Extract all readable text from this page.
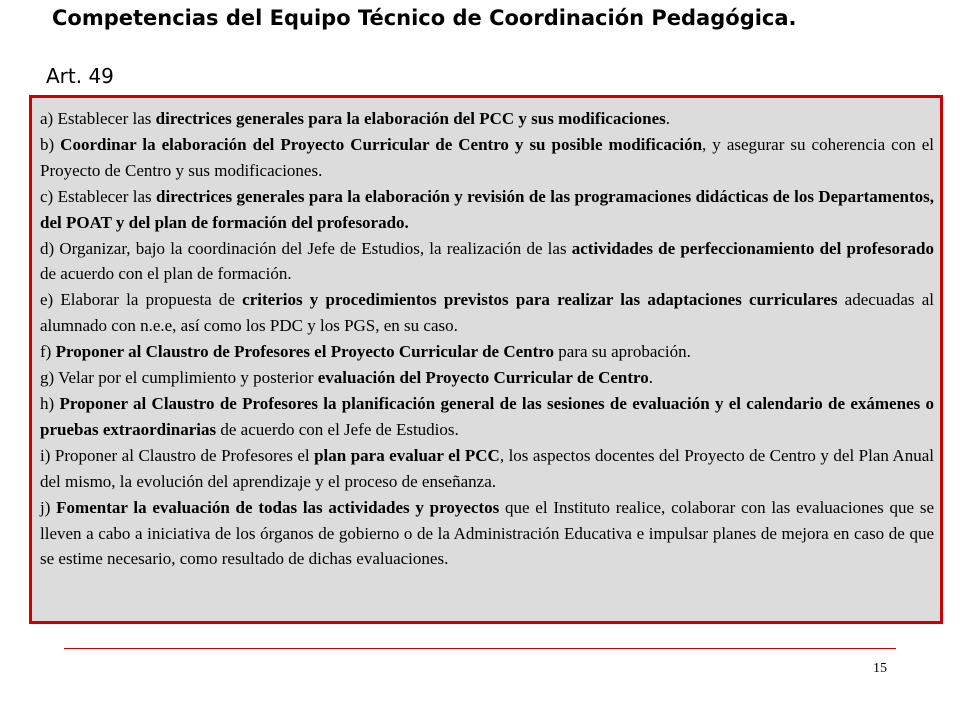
Competencias del Equipo Técnico de Coordinación Pedagógica.
Art. 49

a) Establecer las directrices generales para la elaboración del PCC y sus modificaciones.

b) Coordinar la elaboración del Proyecto Curricular de Centro y su posible modificación, y asegurar su coherencia con el Proyecto de Centro y sus modificaciones.

c) Establecer las directrices generales para la elaboración y revisión de las programaciones didácticas de los Departamentos, del POAT y del plan de formación del profesorado.

d) Organizar, bajo la coordinación del Jefe de Estudios, la realización de las actividades de perfeccionamiento del profesorado de acuerdo con el plan de formación.

e) Elaborar la propuesta de criterios y procedimientos previstos para realizar las adaptaciones curriculares adecuadas al alumnado con n.e.e, así como los PDC y los PGS, en su caso.

f) Proponer al Claustro de Profesores el Proyecto Curricular de Centro para su aprobación.

g) Velar por el cumplimiento y posterior evaluación del Proyecto Curricular de Centro.

h) Proponer al Claustro de Profesores la planificación general de las sesiones de evaluación y el calendario de exámenes o pruebas extraordinarias de acuerdo con el Jefe de Estudios.

i) Proponer al Claustro de Profesores el plan para evaluar el PCC, los aspectos docentes del Proyecto de Centro y del Plan Anual del mismo, la evolución del aprendizaje y el proceso de enseñanza.

j) Fomentar la evaluación de todas las actividades y proyectos que el Instituto realice, colaborar con las evaluaciones que se lleven a cabo a iniciativa de los órganos de gobierno o de la Administración Educativa e impulsar planes de mejora en caso de que se estime necesario, como resultado de dichas evaluaciones.

15
